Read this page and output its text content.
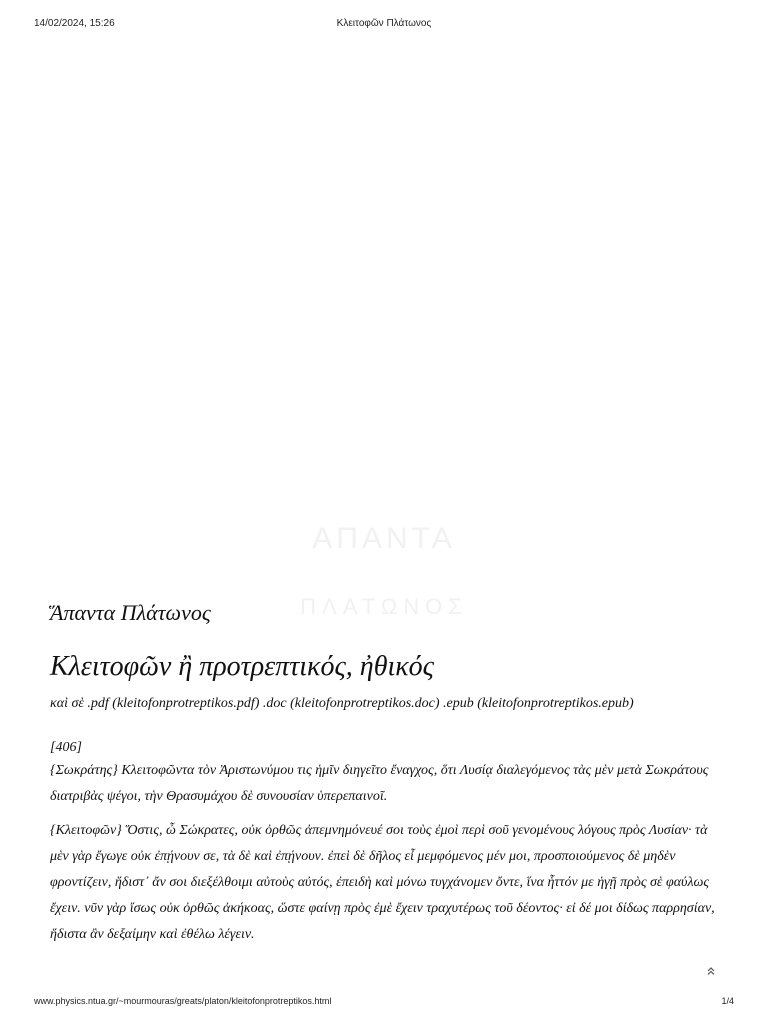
14/02/2024, 15:26	Κλειτοφῶν Πλάτωνος
ΑΠΑΝΤΑ
ΠΛΑΤΩΝΟΣ
Ἅπαντα Πλάτωνος
Κλειτοφῶν ἢ προτρεπτικός, ἠθικός
καὶ σὲ .pdf (kleitofonprotreptikos.pdf) .doc (kleitofonprotreptikos.doc) .epub (kleitofonprotreptikos.epub)
[406]

{Σωκράτης} Κλειτοφῶντα τὸν Ἀριστωνύμου τις ἡμῖν διηγεῖτο ἔναγχος, ὅτι Λυσίᾳ διαλεγόμενος τὰς μὲν μετὰ Σωκράτους διατριβὰς ψέγοι, τὴν Θρασυμάχου δὲ συνουσίαν ὑπερεπαινοῖ.

{Κλειτοφῶν} Ὅστις, ὦ Σώκρατες, οὐκ ὀρθῶς ἀπεμνημόνευέ σοι τοὺς ἐμοὶ περὶ σοῦ γενομένους λόγους πρὸς Λυσίαν· τὰ μὲν γὰρ ἔγωγε οὐκ ἐπῄνουν σε, τὰ δὲ καὶ ἐπῄνουν. ἐπεὶ δὲ δῆλος εἶ μεμφόμενος μέν μοι, προσποιούμενος δὲ μηδὲν φροντίζειν, ἥδιστ᾽ ἄν σοι διεξέλθοιμι αὐτοὺς αὐτός, ἐπειδὴ καὶ μόνω τυγχάνομεν ὄντε, ἵνα ἧττόν με ἡγῇ πρὸς σὲ φαύλως ἔχειν. νῦν γὰρ ἴσως οὐκ ὀρθῶς ἀκήκοας, ὥστε φαίνῃ πρὸς ἐμὲ ἔχειν τραχυτέρως τοῦ δέοντος· εἰ δέ μοι δίδως παρρησίαν, ἥδιστα ἂν δεξαίμην καὶ ἐθέλω λέγειν.

www.physics.ntua.gr/~mourmouras/greats/platon/kleitofonprotreptikos.html	1/4
